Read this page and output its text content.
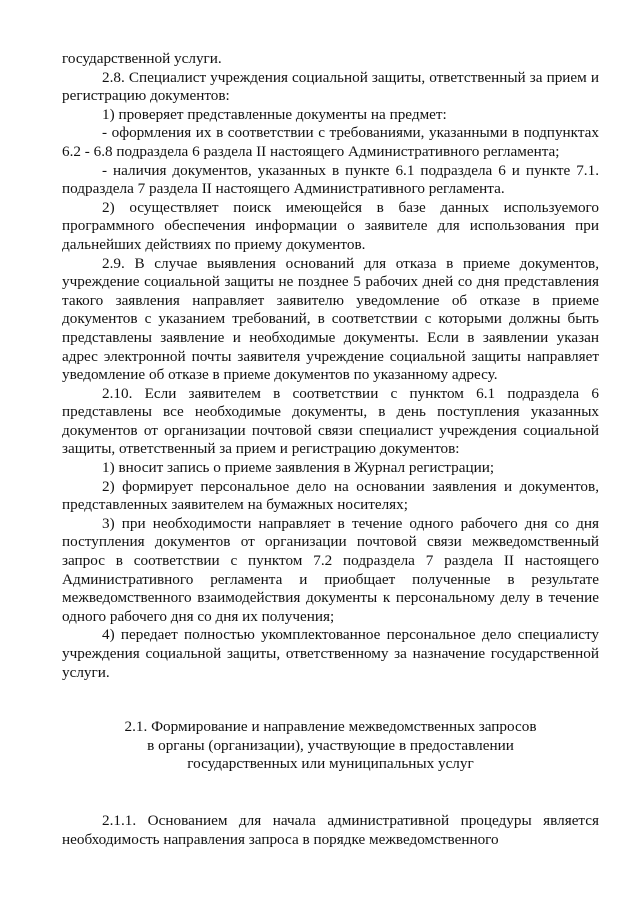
государственной услуги.

2.8. Специалист учреждения социальной защиты, ответственный за прием и регистрацию документов:

1) проверяет представленные документы на предмет:

- оформления их в соответствии с требованиями, указанными в подпунктах 6.2 - 6.8 подраздела 6 раздела II настоящего Административного регламента;

- наличия документов, указанных в пункте 6.1 подраздела 6 и пункте 7.1. подраздела 7 раздела II настоящего Административного регламента.

2) осуществляет поиск имеющейся в базе данных используемого программного обеспечения информации о заявителе для использования при дальнейших действиях по приему документов.

2.9. В случае выявления оснований для отказа в приеме документов, учреждение социальной защиты не позднее 5 рабочих дней со дня представления такого заявления направляет заявителю уведомление об отказе в приеме документов с указанием требований, в соответствии с которыми должны быть представлены заявление и необходимые документы. Если в заявлении указан адрес электронной почты заявителя учреждение социальной защиты направляет уведомление об отказе в приеме документов по указанному адресу.

2.10. Если заявителем в соответствии с пунктом 6.1 подраздела 6 представлены все необходимые документы, в день поступления указанных документов от организации почтовой связи специалист учреждения социальной защиты, ответственный за прием и регистрацию документов:

1) вносит запись о приеме заявления в Журнал регистрации;

2) формирует персональное дело на основании заявления и документов, представленных заявителем на бумажных носителях;

3) при необходимости направляет в течение одного рабочего дня со дня поступления документов от организации почтовой связи межведомственный запрос в соответствии с пунктом 7.2 подраздела 7 раздела II настоящего Административного регламента и приобщает полученные в результате межведомственного взаимодействия документы к персональному делу в течение одного рабочего дня со дня их получения;

4) передает полностью укомплектованное персональное дело специалисту учреждения социальной защиты, ответственному за назначение государственной услуги.

2.1. Формирование и направление межведомственных запросов
в органы (организации), участвующие в предоставлении
государственных или муниципальных услуг

2.1.1. Основанием для начала административной процедуры является необходимость направления запроса в порядке межведомственного
